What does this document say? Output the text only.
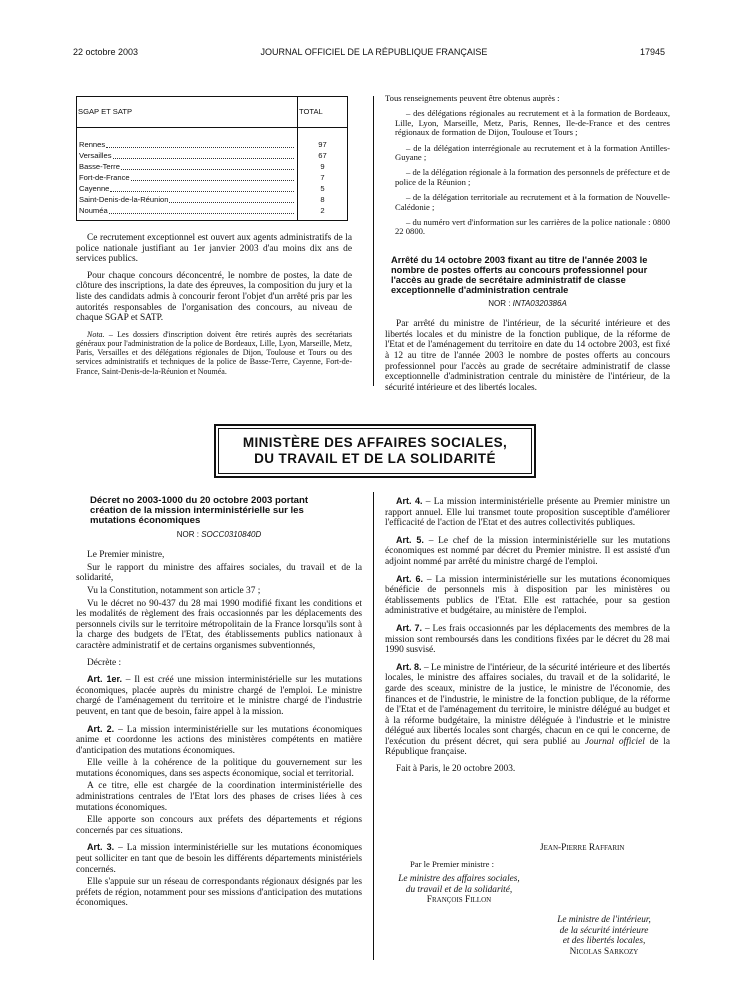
22 octobre 2003	JOURNAL OFFICIEL DE LA RÉPUBLIQUE FRANÇAISE	17945
SGAP ET SATP	TOTAL

Rennes	97

Versailles	67

Basse-Terre	9

Fort-de-France	7

Cayenne	5

Saint-Denis-de-la-Réunion	8

Nouméa	2

Ce recrutement exceptionnel est ouvert aux agents administratifs de la police nationale justifiant au 1er janvier 2003 d'au moins dix ans de services publics.

Pour chaque concours déconcentré, le nombre de postes, la date de clôture des inscriptions, la date des épreuves, la composition du jury et la liste des candidats admis à concourir feront l'objet d'un arrêté pris par les autorités responsables de l'organisation des concours, au niveau de chaque SGAP et SATP.

Nota. – Les dossiers d'inscription doivent être retirés auprès des secrétariats généraux pour l'administration de la police de Bordeaux, Lille, Lyon, Marseille, Metz, Paris, Versailles et des délégations régionales de Dijon, Toulouse et Tours ou des services administratifs et techniques de la police de Basse-Terre, Cayenne, Fort-de-France, Saint-Denis-de-la-Réunion et Nouméa.

Tous renseignements peuvent être obtenus auprès :

– des délégations régionales au recrutement et à la formation de Bordeaux, Lille, Lyon, Marseille, Metz, Paris, Rennes, Ile-de-France et des centres régionaux de formation de Dijon, Toulouse et Tours ;

– de la délégation interrégionale au recrutement et à la formation Antilles-Guyane ;

– de la délégation régionale à la formation des personnels de préfecture et de police de la Réunion ;

– de la délégation territoriale au recrutement et à la formation de Nouvelle-Calédonie ;

– du numéro vert d'information sur les carrières de la police nationale : 0800 22 0800.

Arrêté du 14 octobre 2003 fixant au titre de l'année 2003 le nombre de postes offerts au concours professionnel pour l'accès au grade de secrétaire administratif de classe exceptionnelle d'administration centrale
NOR : INTA0320386A

Par arrêté du ministre de l'intérieur, de la sécurité intérieure et des libertés locales et du ministre de la fonction publique, de la réforme de l'Etat et de l'aménagement du territoire en date du 14 octobre 2003, est fixé à 12 au titre de l'année 2003 le nombre de postes offerts au concours professionnel pour l'accès au grade de secrétaire administratif de classe exceptionnelle d'administration centrale du ministère de l'intérieur, de la sécurité intérieure et des libertés locales.

MINISTÈRE DES AFFAIRES SOCIALES,
DU TRAVAIL ET DE LA SOLIDARITÉ
Décret no 2003-1000 du 20 octobre 2003 portant création de la mission interministérielle sur les mutations économiques
NOR : SOCC0310840D

Le Premier ministre,

Sur le rapport du ministre des affaires sociales, du travail et de la solidarité,

Vu la Constitution, notamment son article 37 ;

Vu le décret no 90-437 du 28 mai 1990 modifié fixant les conditions et les modalités de règlement des frais occasionnés par les déplacements des personnels civils sur le territoire métropolitain de la France lorsqu'ils sont à la charge des budgets de l'Etat, des établissements publics nationaux à caractère administratif et de certains organismes subventionnés,

Décrète :

Art. 1er. – Il est créé une mission interministérielle sur les mutations économiques, placée auprès du ministre chargé de l'emploi. Le ministre chargé de l'aménagement du territoire et le ministre chargé de l'industrie peuvent, en tant que de besoin, faire appel à la mission.

Art. 2. – La mission interministérielle sur les mutations économiques anime et coordonne les actions des ministères compétents en matière d'anticipation des mutations économiques.

Elle veille à la cohérence de la politique du gouvernement sur les mutations économiques, dans ses aspects économique, social et territorial.

A ce titre, elle est chargée de la coordination interministérielle des administrations centrales de l'Etat lors des phases de crises liées à ces mutations économiques.

Elle apporte son concours aux préfets des départements et régions concernés par ces situations.

Art. 3. – La mission interministérielle sur les mutations économiques peut solliciter en tant que de besoin les différents départements ministériels concernés.

Elle s'appuie sur un réseau de correspondants régionaux désignés par les préfets de région, notamment pour ses missions d'anticipation des mutations économiques.

Art. 4. – La mission interministérielle présente au Premier ministre un rapport annuel. Elle lui transmet toute proposition susceptible d'améliorer l'efficacité de l'action de l'Etat et des autres collectivités publiques.

Art. 5. – Le chef de la mission interministérielle sur les mutations économiques est nommé par décret du Premier ministre. Il est assisté d'un adjoint nommé par arrêté du ministre chargé de l'emploi.

Art. 6. – La mission interministérielle sur les mutations économiques bénéficie de personnels mis à disposition par les ministères ou établissements publics de l'Etat. Elle est rattachée, pour sa gestion administrative et budgétaire, au ministère de l'emploi.

Art. 7. – Les frais occasionnés par les déplacements des membres de la mission sont remboursés dans les conditions fixées par le décret du 28 mai 1990 susvisé.

Art. 8. – Le ministre de l'intérieur, de la sécurité intérieure et des libertés locales, le ministre des affaires sociales, du travail et de la solidarité, le garde des sceaux, ministre de la justice, le ministre de l'économie, des finances et de l'industrie, le ministre de la fonction publique, de la réforme de l'Etat et de l'aménagement du territoire, le ministre délégué au budget et à la réforme budgétaire, la ministre déléguée à l'industrie et le ministre délégué aux libertés locales sont chargés, chacun en ce qui le concerne, de l'exécution du présent décret, qui sera publié au Journal officiel de la République française.

Fait à Paris, le 20 octobre 2003.

Jean-Pierre Raffarin
Par le Premier ministre :
Le ministre des affaires sociales,
du travail et de la solidarité,
François Fillon
Le ministre de l'intérieur,
de la sécurité intérieure
et des libertés locales,
Nicolas Sarkozy
